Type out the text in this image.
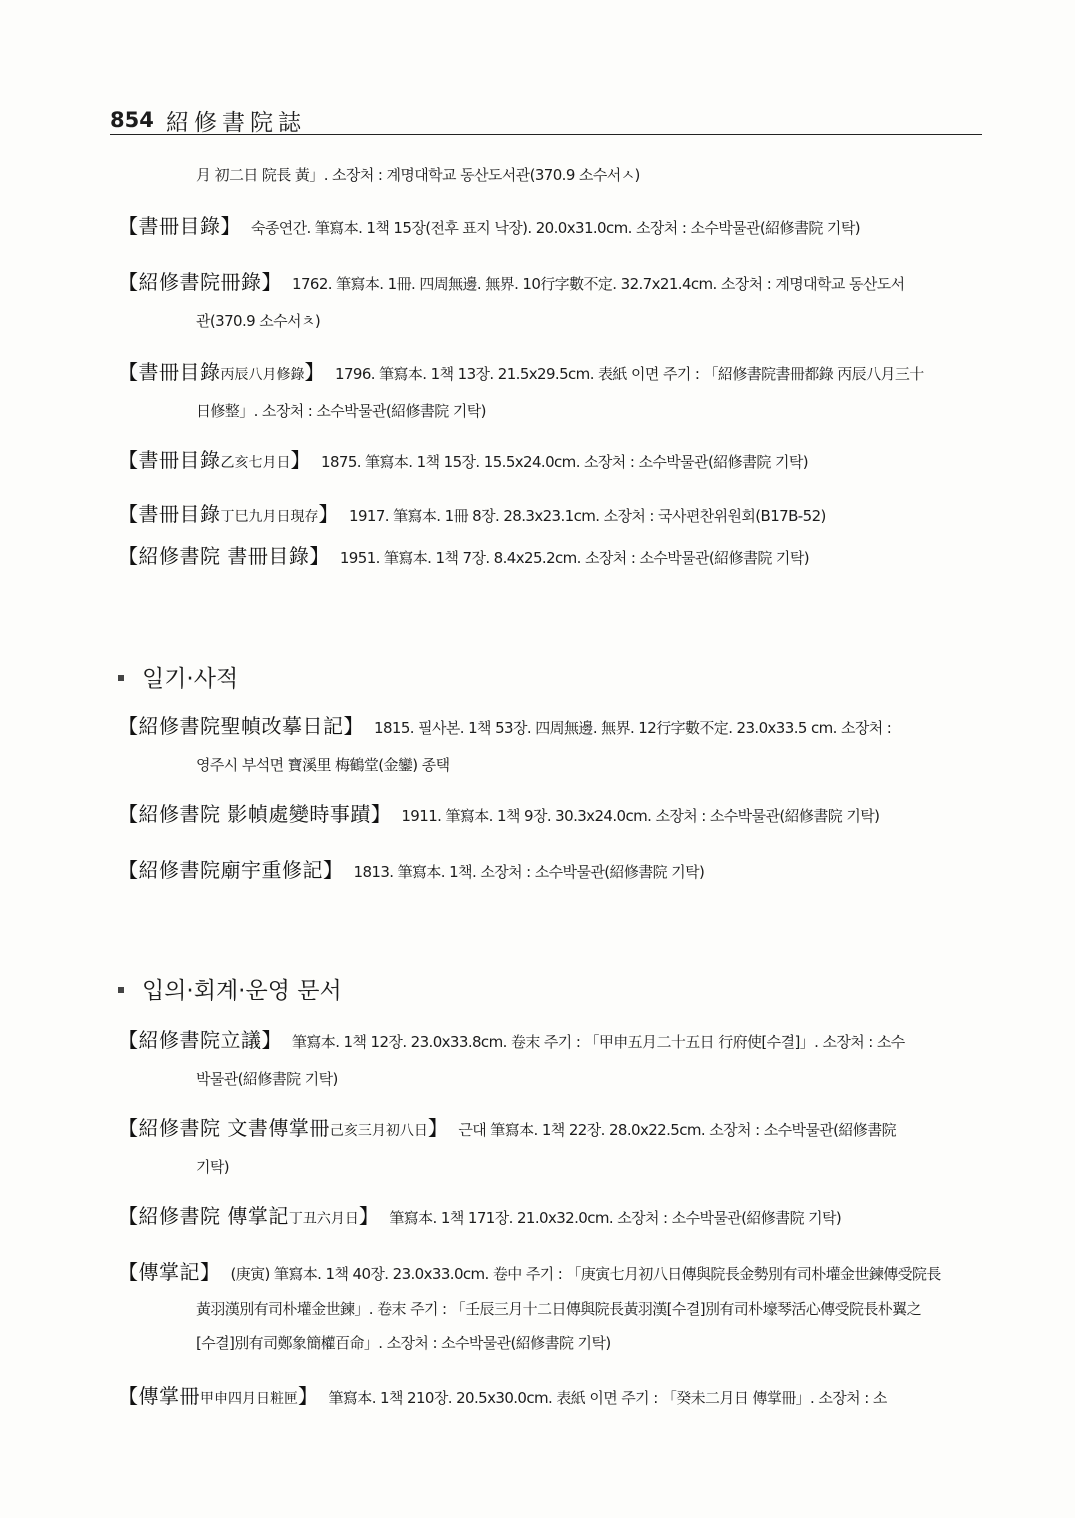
854 紹修書院誌
月 初二日 院長 黃」. 소장처 : 계명대학교 동산도서관(370.9 소수서ㅅ)
【書冊目錄】 숙종연간. 筆寫本. 1책 15장(전후 표지 낙장). 20.0x31.0cm. 소장처 : 소수박물관(紹修書院 기탁)
【紹修書院冊錄】 1762. 筆寫本. 1冊. 四周無邊. 無界. 10行字數不定. 32.7x21.4cm. 소장처 : 계명대학교 동산도서
관(370.9 소수서ㅊ)
【書冊目錄丙辰八月修錄】 1796. 筆寫本. 1책 13장. 21.5x29.5cm. 表紙 이면 주기 : 「紹修書院書冊都錄 丙辰八月三十
日修整」. 소장처 : 소수박물관(紹修書院 기탁)
【書冊目錄乙亥七月日】 1875. 筆寫本. 1책 15장. 15.5x24.0cm. 소장처 : 소수박물관(紹修書院 기탁)
【書冊目錄丁巳九月日現存】 1917. 筆寫本. 1冊 8장. 28.3x23.1cm. 소장처 : 국사편찬위원회(B17B-52)
【紹修書院 書冊目錄】 1951. 筆寫本. 1책 7장. 8.4x25.2cm. 소장처 : 소수박물관(紹修書院 기탁)
일기·사적
【紹修書院聖幀改摹日記】 1815. 필사본. 1책 53장. 四周無邊. 無界. 12行字數不定. 23.0x33.5 cm. 소장처 :
영주시 부석면 寶溪里 梅鶴堂(金鑾) 종택
【紹修書院 影幀處變時事蹟】 1911. 筆寫本. 1책 9장. 30.3x24.0cm. 소장처 : 소수박물관(紹修書院 기탁)
【紹修書院廟宇重修記】 1813. 筆寫本. 1책. 소장처 : 소수박물관(紹修書院 기탁)
입의·회계·운영 문서
【紹修書院立議】 筆寫本. 1책 12장. 23.0x33.8cm. 卷末 주기 : 「甲申五月二十五日 行府使[수결]」. 소장처 : 소수
박물관(紹修書院 기탁)
【紹修書院 文書傳掌冊己亥三月初八日】 근대 筆寫本. 1책 22장. 28.0x22.5cm. 소장처 : 소수박물관(紹修書院
기탁)
【紹修書院 傳掌記丁丑六月日】 筆寫本. 1책 171장. 21.0x32.0cm. 소장처 : 소수박물관(紹修書院 기탁)
【傳掌記】 (庚寅) 筆寫本. 1책 40장. 23.0x33.0cm. 卷中 주기 : 「庚寅七月初八日傳與院長金勢別有司朴壦金世鍊傳受院長
黃羽漢別有司朴壦金世鍊」. 卷末 주기 : 「壬辰三月十二日傳與院長黃羽漢[수결]別有司朴壕琴活心傳受院長朴翼之
[수결]別有司鄭象簡權百命」. 소장처 : 소수박물관(紹修書院 기탁)
【傳掌冊甲申四月日粧匣】 筆寫本. 1책 210장. 20.5x30.0cm. 表紙 이면 주기 : 「癸未二月日 傳掌冊」. 소장처 : 소
